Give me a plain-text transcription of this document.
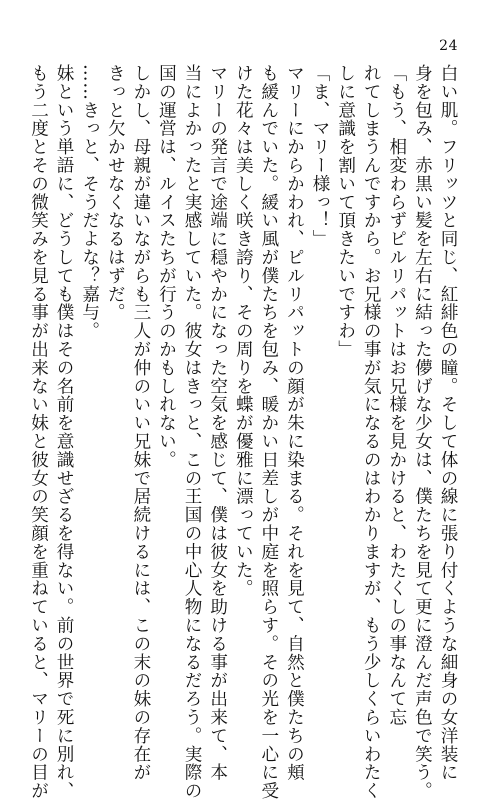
24
白い肌。フリッツと同じ、紅緋色の瞳。そして体の線に張り付くような細身の女洋装に
身を包み、赤黒い髪を左右に結った儚げな少女は、僕たちを見て更に澄んだ声色で笑う。
「もう、相変わらずピルリパットはお兄様を見かけると、わたくしの事なんて忘
れてしまうんですから。お兄様の事が気になるのはわかりますが、もう少しくらいわたく
しに意識を割いて頂きたいですわ」
「ま、マリー様っ！」
マリーにからかわれ、ピルリパットの顔が朱に染まる。それを見て、自然と僕たちの頬
も緩んでいた。緩い風が僕たちを包み、暖かい日差しが中庭を照らす。その光を一心に受
けた花々は美しく咲き誇り、その周りを蝶が優雅に漂っていた。
マリーの発言で途端に穏やかになった空気を感じて、僕は彼女を助ける事が出来て、本
当によかったと実感していた。彼女はきっと、この王国の中心人物になるだろう。実際の
国の運営は、ルイスたちが行うのかもしれない。
しかし、母親が違いながらも三人が仲のいい兄妹で居続けるには、この末の妹の存在が
きっと欠かせなくなるはずだ。
……きっと、そうだよな？嘉与。
妹という単語に、どうしても僕はその名前を意識せざるを得ない。前の世界で死に別れ、
もう二度とその微笑みを見る事が出来ない妹と彼女の笑顔を重ねていると、マリーの目が
